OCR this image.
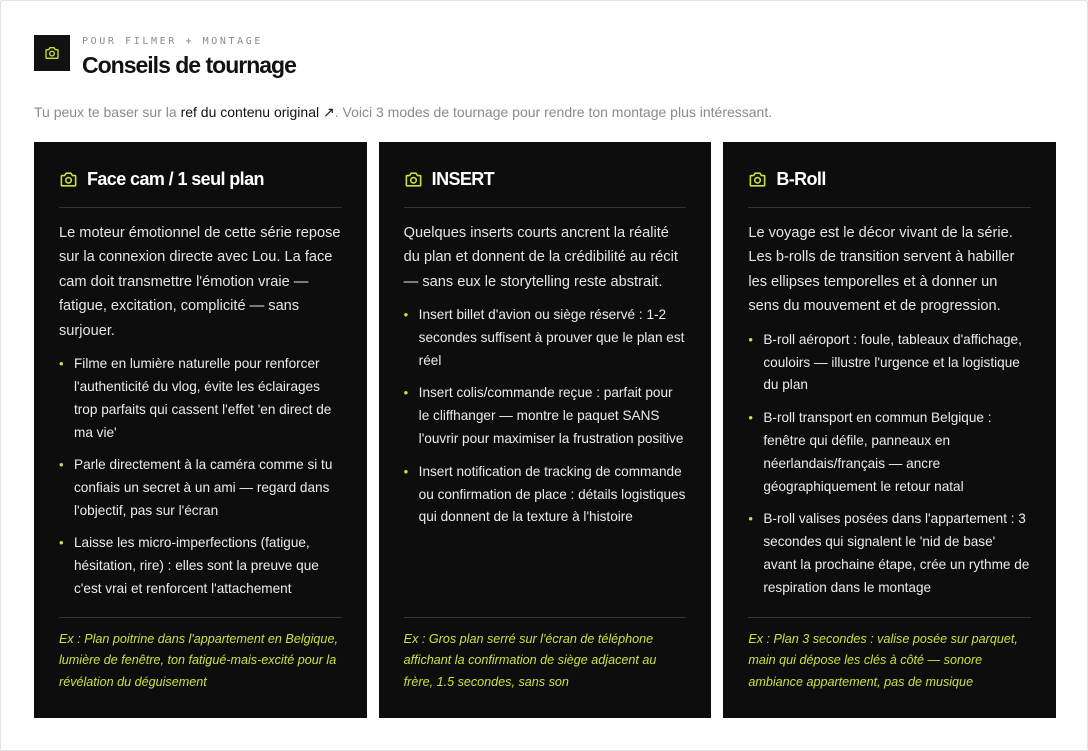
POUR FILMER + MONTAGE
Conseils de tournage
Tu peux te baser sur la ref du contenu original ↗. Voici 3 modes de tournage pour rendre ton montage plus intéressant.
Face cam / 1 seul plan

Le moteur émotionnel de cette série repose sur la connexion directe avec Lou. La face cam doit transmettre l'émotion vraie — fatigue, excitation, complicité — sans surjouer.

• Filme en lumière naturelle pour renforcer l'authenticité du vlog, évite les éclairages trop parfaits qui cassent l'effet 'en direct de ma vie'
• Parle directement à la caméra comme si tu confiais un secret à un ami — regard dans l'objectif, pas sur l'écran
• Laisse les micro-imperfections (fatigue, hésitation, rire) : elles sont la preuve que c'est vrai et renforcent l'attachement

Ex : Plan poitrine dans l'appartement en Belgique, lumière de fenêtre, ton fatigué-mais-excité pour la révélation du déguisement

INSERT

Quelques inserts courts ancrent la réalité du plan et donnent de la crédibilité au récit — sans eux le storytelling reste abstrait.

• Insert billet d'avion ou siège réservé : 1-2 secondes suffisent à prouver que le plan est réel
• Insert colis/commande reçue : parfait pour le cliffhanger — montre le paquet SANS l'ouvrir pour maximiser la frustration positive
• Insert notification de tracking de commande ou confirmation de place : détails logistiques qui donnent de la texture à l'histoire

Ex : Gros plan serré sur l'écran de téléphone affichant la confirmation de siège adjacent au frère, 1.5 secondes, sans son

B-Roll

Le voyage est le décor vivant de la série. Les b-rolls de transition servent à habiller les ellipses temporelles et à donner un sens du mouvement et de progression.

• B-roll aéroport : foule, tableaux d'affichage, couloirs — illustre l'urgence et la logistique du plan
• B-roll transport en commun Belgique : fenêtre qui défile, panneaux en néerlandais/français — ancre géographiquement le retour natal
• B-roll valises posées dans l'appartement : 3 secondes qui signalent le 'nid de base' avant la prochaine étape, crée un rythme de respiration dans le montage

Ex : Plan 3 secondes : valise posée sur parquet, main qui dépose les clés à côté — sonore ambiance appartement, pas de musique
